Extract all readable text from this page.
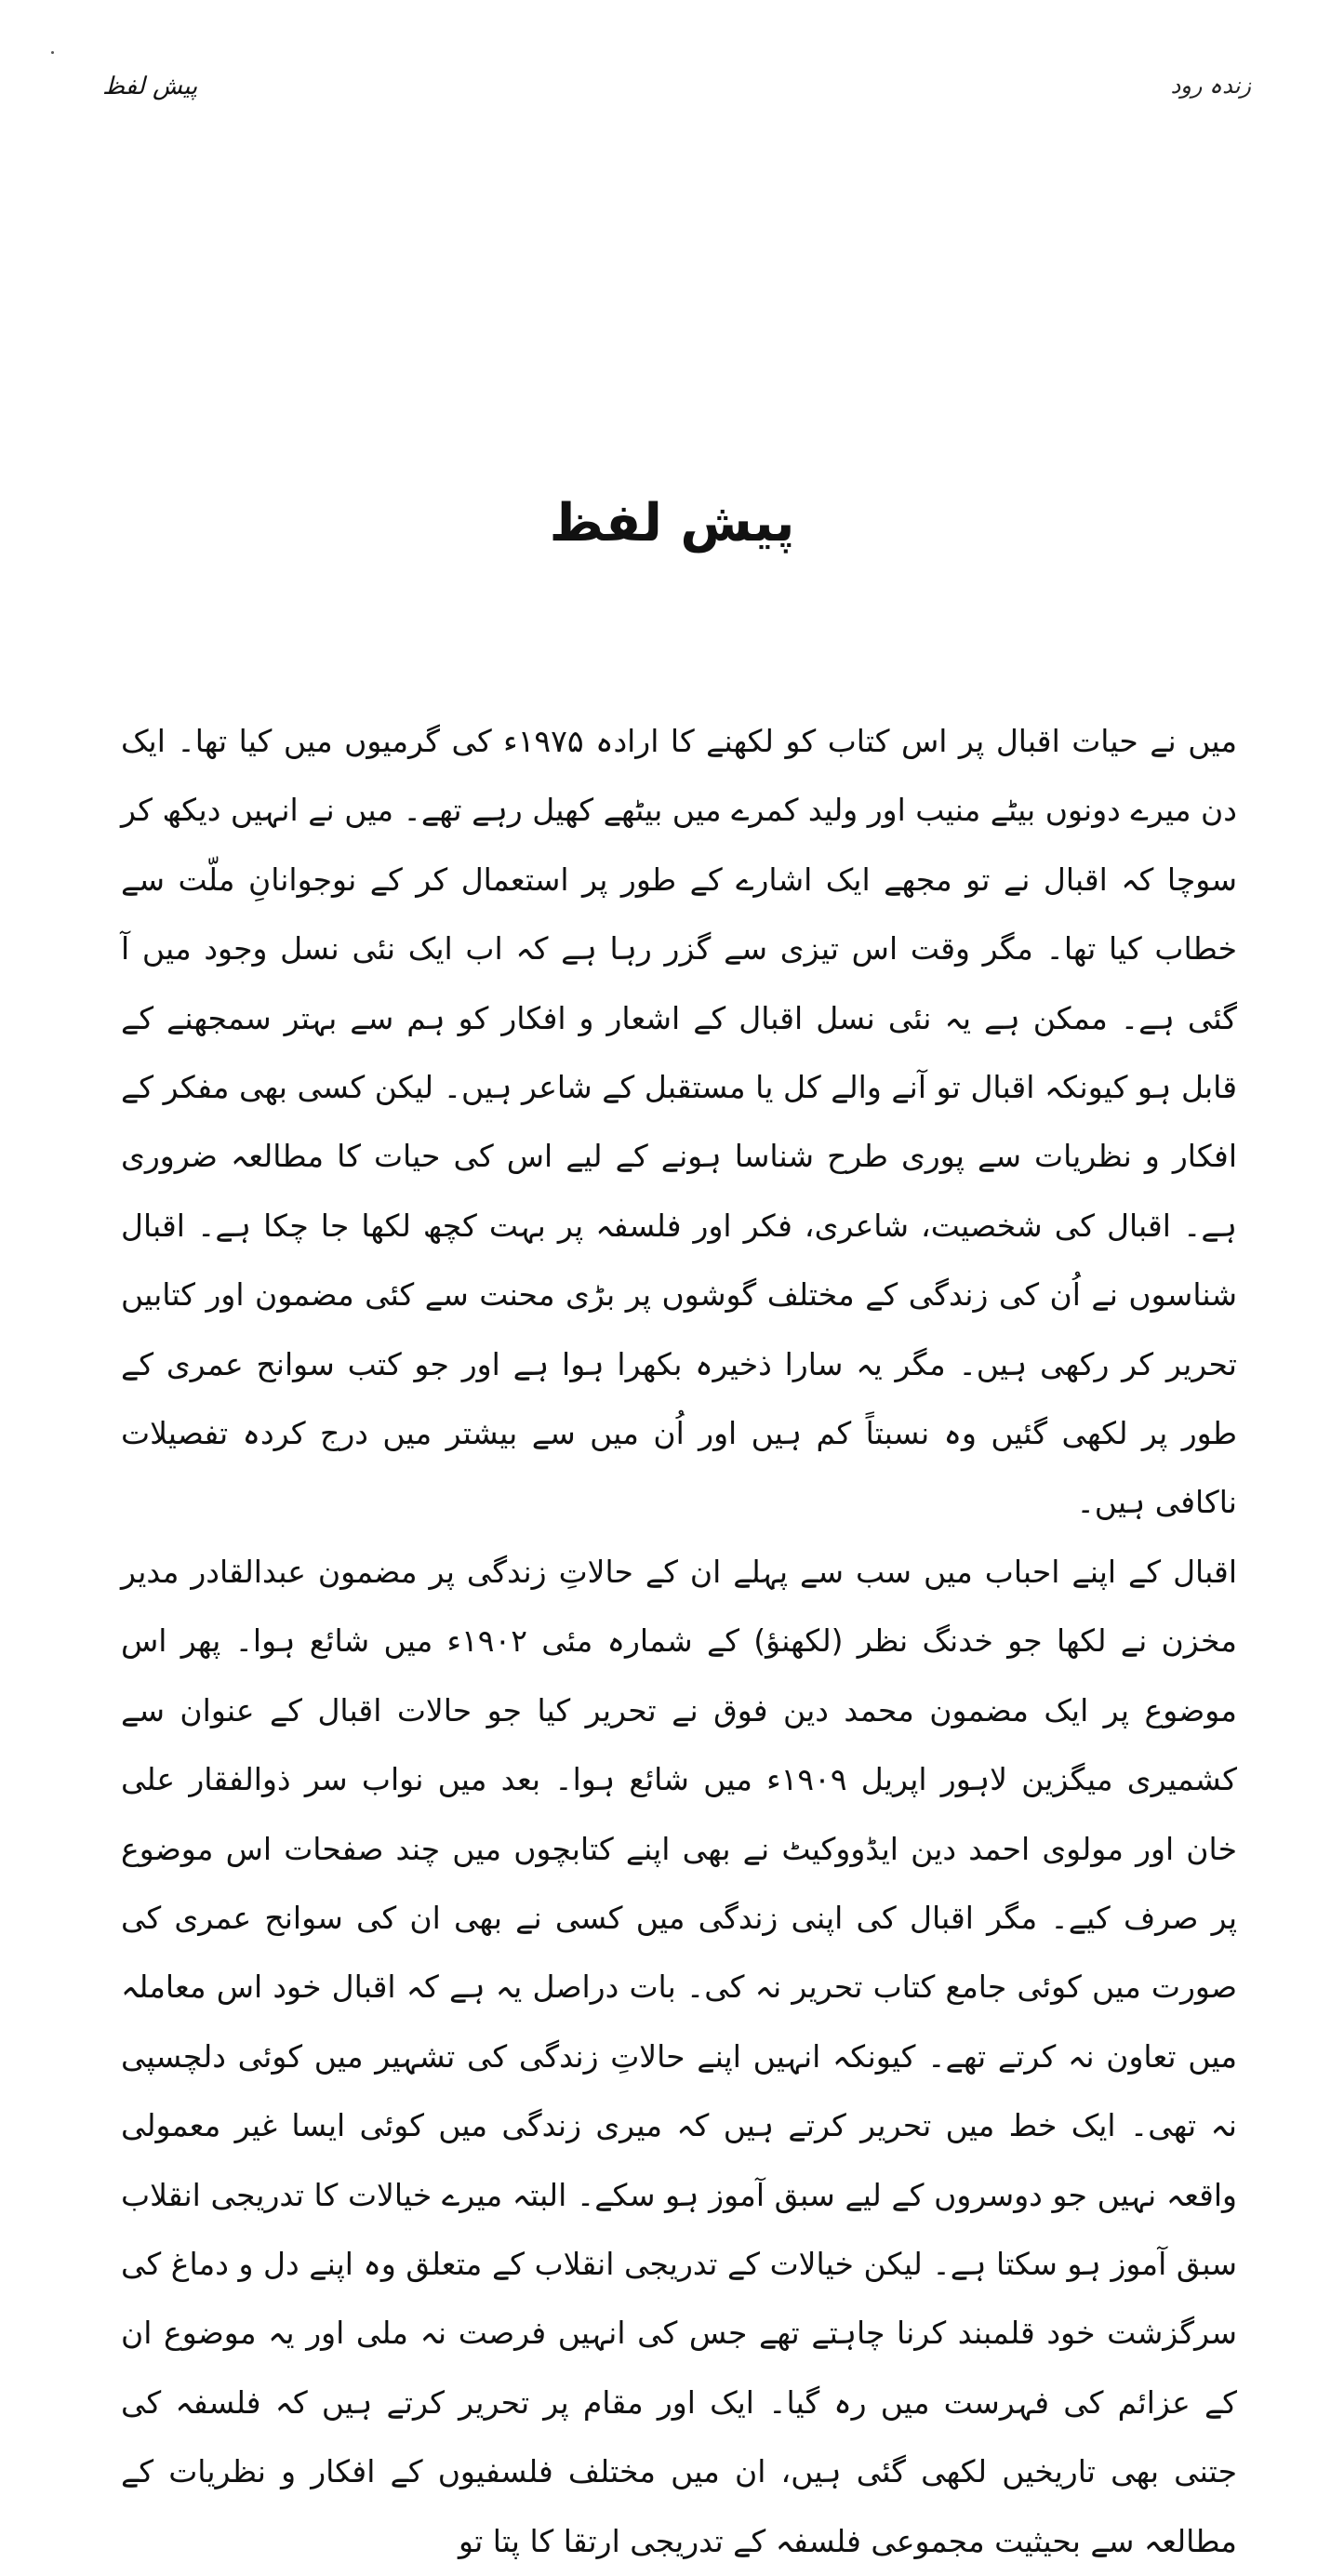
پیش لفظ	زندہ رود
پیش لفظ

میں نے حیات اقبال پر اس کتاب کو لکھنے کا ارادہ ۱۹۷۵ء کی گرمیوں میں کیا تھا۔ ایک دن میرے دونوں بیٹے منیب اور ولید کمرے میں بیٹھے کھیل رہے تھے۔ میں نے انہیں دیکھ کر سوچا کہ اقبال نے تو مجھے ایک اشارے کے طور پر استعمال کر کے نوجوانانِ ملّت سے خطاب کیا تھا۔ مگر وقت اس تیزی سے گزر رہا ہے کہ اب ایک نئی نسل وجود میں آ گئی ہے۔ ممکن ہے یہ نئی نسل اقبال کے اشعار و افکار کو ہم سے بہتر سمجھنے کے قابل ہو کیونکہ اقبال تو آنے والے کل یا مستقبل کے شاعر ہیں۔ لیکن کسی بھی مفکر کے افکار و نظریات سے پوری طرح شناسا ہونے کے لیے اس کی حیات کا مطالعہ ضروری ہے۔ اقبال کی شخصیت، شاعری، فکر اور فلسفہ پر بہت کچھ لکھا جا چکا ہے۔ اقبال شناسوں نے اُن کی زندگی کے مختلف گوشوں پر بڑی محنت سے کئی مضمون اور کتابیں تحریر کر رکھی ہیں۔ مگر یہ سارا ذخیرہ بکھرا ہوا ہے اور جو کتب سوانح عمری کے طور پر لکھی گئیں وہ نسبتاً کم ہیں اور اُن میں سے بیشتر میں درج کردہ تفصیلات ناکافی ہیں۔

اقبال کے اپنے احباب میں سب سے پہلے ان کے حالاتِ زندگی پر مضمون عبدالقادر مدیر مخزن نے لکھا جو خدنگ نظر (لکھنؤ) کے شمارہ مئی ۱۹۰۲ء میں شائع ہوا۔ پھر اس موضوع پر ایک مضمون محمد دین فوق نے تحریر کیا جو حالات اقبال کے عنوان سے کشمیری میگزین لاہور اپریل ۱۹۰۹ء میں شائع ہوا۔ بعد میں نواب سر ذوالفقار علی خان اور مولوی احمد دین ایڈووکیٹ نے بھی اپنے کتابچوں میں چند صفحات اس موضوع پر صرف کیے۔ مگر اقبال کی اپنی زندگی میں کسی نے بھی ان کی سوانح عمری کی صورت میں کوئی جامع کتاب تحریر نہ کی۔ بات دراصل یہ ہے کہ اقبال خود اس معاملہ میں تعاون نہ کرتے تھے۔ کیونکہ انہیں اپنے حالاتِ زندگی کی تشہیر میں کوئی دلچسپی نہ تھی۔ ایک خط میں تحریر کرتے ہیں کہ میری زندگی میں کوئی ایسا غیر معمولی واقعہ نہیں جو دوسروں کے لیے سبق آموز ہو سکے۔ البتہ میرے خیالات کا تدریجی انقلاب سبق آموز ہو سکتا ہے۔ لیکن خیالات کے تدریجی انقلاب کے متعلق وہ اپنے دل و دماغ کی سرگزشت خود قلمبند کرنا چاہتے تھے جس کی انہیں فرصت نہ ملی اور یہ موضوع ان کے عزائم کی فہرست میں رہ گیا۔ ایک اور مقام پر تحریر کرتے ہیں کہ فلسفہ کی جتنی بھی تاریخیں لکھی گئی ہیں، ان میں مختلف فلسفیوں کے افکار و نظریات کے مطالعہ سے بحیثیت مجموعی فلسفہ کے تدریجی ارتقا کا پتا تو
